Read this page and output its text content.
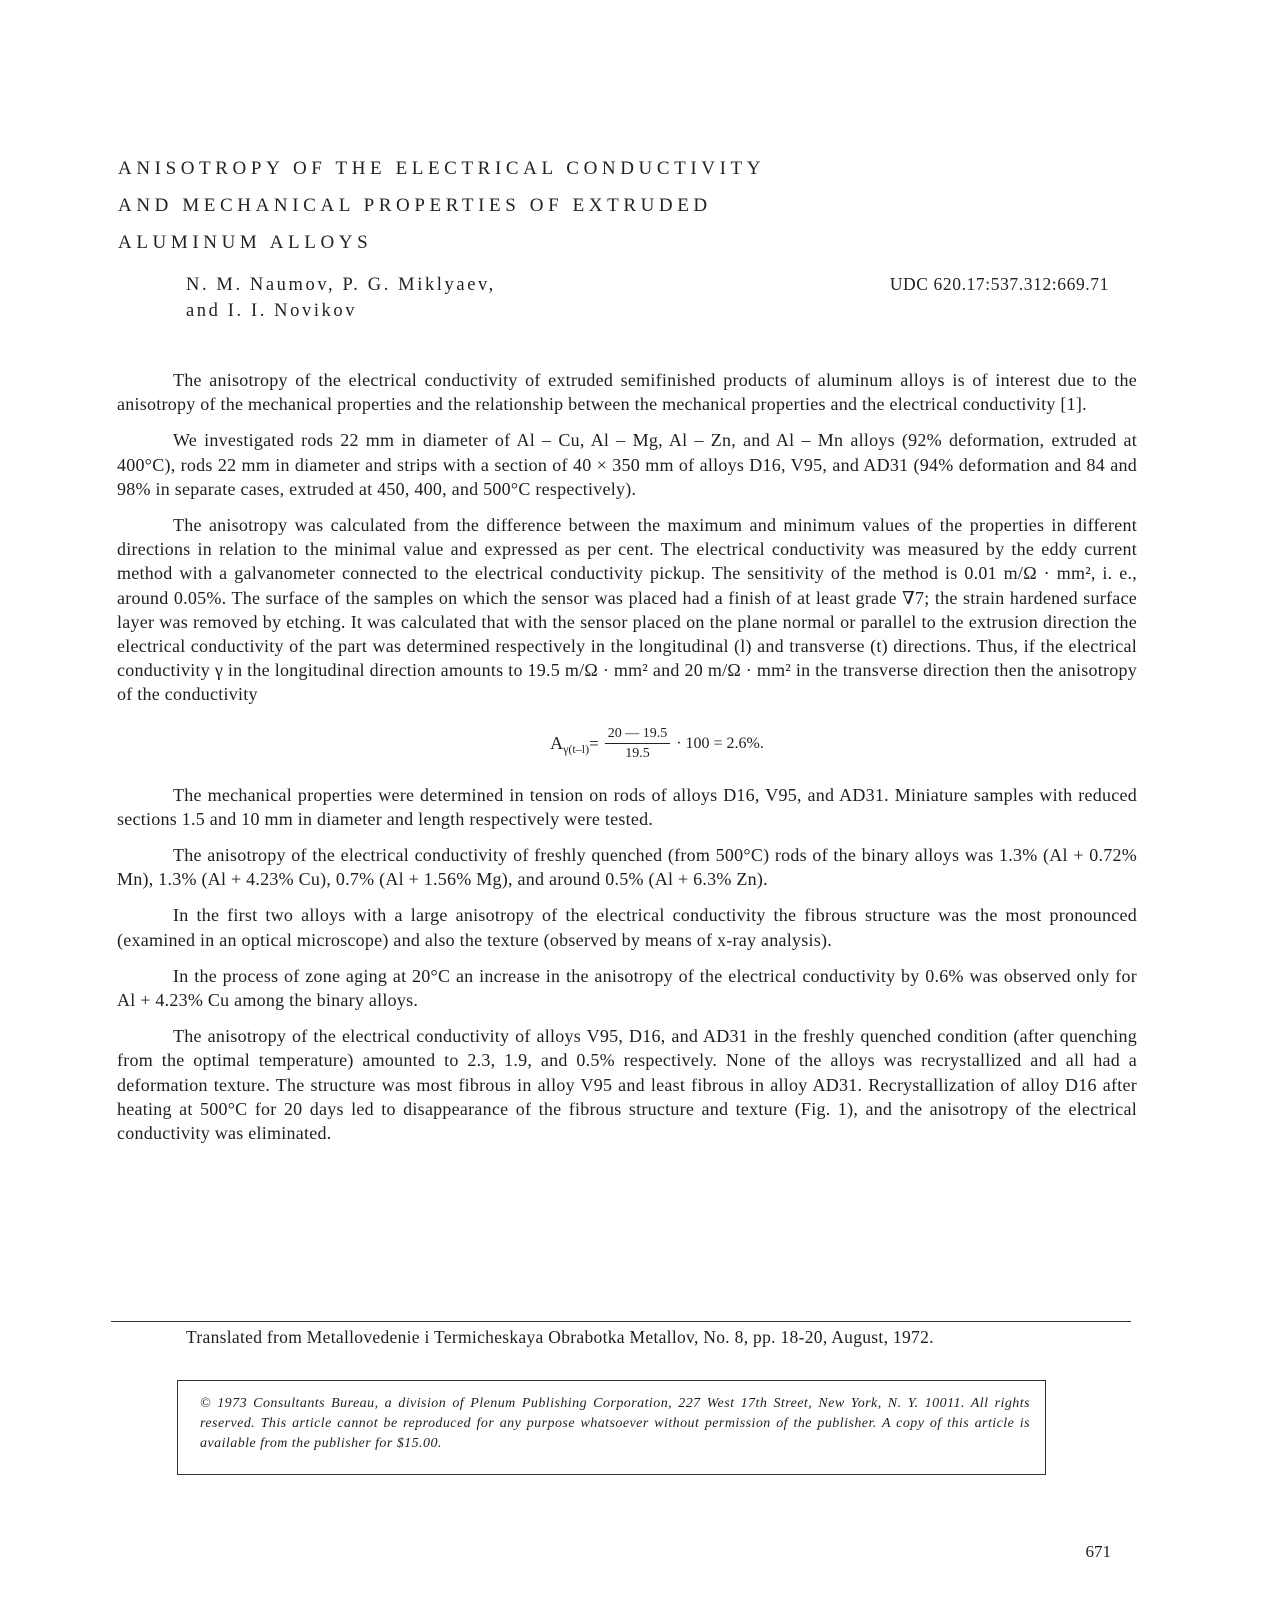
ANISOTROPY OF THE ELECTRICAL CONDUCTIVITY
AND MECHANICAL PROPERTIES OF EXTRUDED
ALUMINUM ALLOYS
N. M. Naumov, P. G. Miklyaev,
and I. I. Novikov
UDC 620.17:537.312:669.71

The anisotropy of the electrical conductivity of extruded semifinished products of aluminum alloys is of interest due to the anisotropy of the mechanical properties and the relationship between the mechanical properties and the electrical conductivity [1].

We investigated rods 22 mm in diameter of Al – Cu, Al – Mg, Al – Zn, and Al – Mn alloys (92% deformation, extruded at 400°C), rods 22 mm in diameter and strips with a section of 40 × 350 mm of alloys D16, V95, and AD31 (94% deformation and 84 and 98% in separate cases, extruded at 450, 400, and 500°C respectively).

The anisotropy was calculated from the difference between the maximum and minimum values of the properties in different directions in relation to the minimal value and expressed as per cent. The electrical conductivity was measured by the eddy current method with a galvanometer connected to the electrical conductivity pickup. The sensitivity of the method is 0.01 m/Ω · mm², i. e., around 0.05%. The surface of the samples on which the sensor was placed had a finish of at least grade ∇7; the strain hardened surface layer was removed by etching. It was calculated that with the sensor placed on the plane normal or parallel to the extrusion direction the electrical conductivity of the part was determined respectively in the longitudinal (l) and transverse (t) directions. Thus, if the electrical conductivity γ in the longitudinal direction amounts to 19.5 m/Ω · mm² and 20 m/Ω · mm² in the transverse direction then the anisotropy of the conductivity

A $\gamma(t-l) = \frac{20 — 19.5}{19.5} \cdot 100 = 2.6\%$.

The mechanical properties were determined in tension on rods of alloys D16, V95, and AD31. Miniature samples with reduced sections 1.5 and 10 mm in diameter and length respectively were tested.

The anisotropy of the electrical conductivity of freshly quenched (from 500°C) rods of the binary alloys was 1.3% (Al + 0.72% Mn), 1.3% (Al + 4.23% Cu), 0.7% (Al + 1.56% Mg), and around 0.5% (Al + 6.3% Zn).

In the first two alloys with a large anisotropy of the electrical conductivity the fibrous structure was the most pronounced (examined in an optical microscope) and also the texture (observed by means of x-ray analysis).

In the process of zone aging at 20°C an increase in the anisotropy of the electrical conductivity by 0.6% was observed only for Al + 4.23% Cu among the binary alloys.

The anisotropy of the electrical conductivity of alloys V95, D16, and AD31 in the freshly quenched condition (after quenching from the optimal temperature) amounted to 2.3, 1.9, and 0.5% respectively. None of the alloys was recrystallized and all had a deformation texture. The structure was most fibrous in alloy V95 and least fibrous in alloy AD31. Recrystallization of alloy D16 after heating at 500°C for 20 days led to disappearance of the fibrous structure and texture (Fig. 1), and the anisotropy of the electrical conductivity was eliminated.

Translated from Metallovedenie i Termicheskaya Obrabotka Metallov, No. 8, pp. 18-20, August, 1972.
© 1973 Consultants Bureau, a division of Plenum Publishing Corporation, 227 West 17th Street, New York, N. Y. 10011. All rights reserved. This article cannot be reproduced for any purpose whatsoever without permission of the publisher. A copy of this article is available from the publisher for $15.00.
671
